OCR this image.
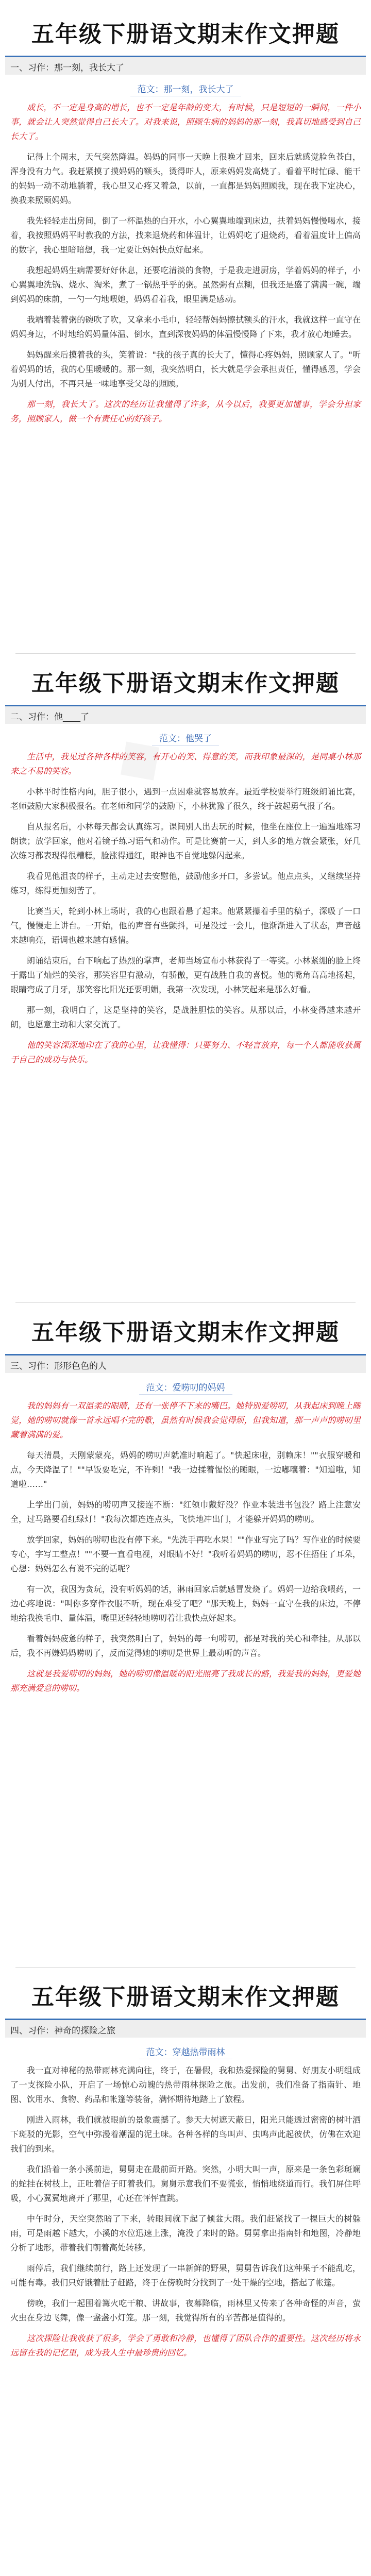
五年级下册语文期末作文押题
一、习作：那一刻，我长大了
范文：那一刻，我长大了

成长，不一定是身高的增长，也不一定是年龄的变大，有时候，只是短短的一瞬间，一件小事，就会让人突然觉得自己长大了。对我来说，照顾生病的妈妈的那一刻，我真切地感受到自己长大了。

记得上个周末，天气突然降温。妈妈的同事一天晚上很晚才回来，回来后就感觉脸色苍白，浑身没有力气。我赶紧摸了摸妈妈的额头，烫得吓人，原来妈妈发高烧了。看着平时忙碌、能干的妈妈一动不动地躺着，我心里又心疼又着急，以前，一直都是妈妈照顾我，现在我下定决心，换我来照顾妈妈。

我先轻轻走出房间，倒了一杯温热的白开水，小心翼翼地端到床边，扶着妈妈慢慢喝水，接着，我按照妈妈平时教我的方法，找来退烧药和体温计，让妈妈吃了退烧药，看着温度计上偏高的数字，我心里暗暗想，我一定要让妈妈快点好起来。

我想起妈妈生病需要好好休息，还要吃清淡的食物，于是我走进厨房，学着妈妈的样子，小心翼翼地洗锅、烧水、淘米，煮了一锅热乎乎的粥。虽然粥有点糊，但我还是盛了满满一碗，端到妈妈的床前，一勺一勺地喂她，妈妈看着我，眼里满是感动。

我端着装着粥的碗吹了吹，又拿来小毛巾，轻轻帮妈妈擦拭额头的汗水，我就这样一直守在妈妈身边，不时地给妈妈量体温、倒水，直到深夜妈妈的体温慢慢降了下来，我才放心地睡去。

妈妈醒来后摸着我的头，笑着说："我的孩子真的长大了，懂得心疼妈妈，照顾家人了。"听着妈妈的话，我的心里暖暖的。那一刻，我突然明白，长大就是学会承担责任，懂得感恩，学会为别人付出，不再只是一味地享受父母的照顾。

那一刻，我长大了。这次的经历让我懂得了许多，从今以后，我要更加懂事，学会分担家务，照顾家人，做一个有责任心的好孩子。

五年级下册语文期末作文押题
二、习作：他____了
范文：他哭了

生活中，我见过各种各样的笑容，有开心的笑、得意的笑，而我印象最深的，是同桌小林那来之不易的笑容。

小林平时性格内向，胆子很小，遇到一点困难就容易放弃。最近学校要举行班级朗诵比赛，老师鼓励大家积极报名。在老师和同学的鼓励下，小林犹豫了很久，终于鼓起勇气报了名。

自从报名后，小林每天都会认真练习。课间别人出去玩的时候，他坐在座位上一遍遍地练习朗读；放学回家，他对着镜子练习语气和动作。可是比赛前一天，到人多的地方就会紧张，好几次练习都表现得很糟糕，脸涨得通红，眼神也不自觉地躲闪起来。

我看见他沮丧的样子，主动走过去安慰他，鼓励他多开口，多尝试。他点点头，又继续坚持练习，练得更加刻苦了。

比赛当天，轮到小林上场时，我的心也跟着悬了起来。他紧紧攥着手里的稿子，深吸了一口气，慢慢走上讲台。一开始，他的声音有些颤抖，可是没过一会儿，他渐渐进入了状态，声音越来越响亮，语调也越来越有感情。

朗诵结束后，台下响起了热烈的掌声，老师当场宣布小林获得了一等奖。小林紧绷的脸上终于露出了灿烂的笑容，那笑容里有激动，有骄傲，更有战胜自我的喜悦。他的嘴角高高地扬起，眼睛弯成了月牙，那笑容比阳光还要明媚，我第一次发现，小林笑起来是那么好看。

那一刻，我明白了，这是坚持的笑容，是战胜胆怯的笑容。从那以后，小林变得越来越开朗，也愿意主动和大家交流了。

他的笑容深深地印在了我的心里，让我懂得：只要努力、不轻言放弃，每一个人都能收获属于自己的成功与快乐。

五年级下册语文期末作文押题
三、习作：形形色色的人
范文：爱唠叨的妈妈

我的妈妈有一双温柔的眼睛，还有一张停不下来的嘴巴。她特别爱唠叨，从我起床到晚上睡觉，她的唠叨就像一首永远唱不完的歌，虽然有时候我会觉得烦，但我知道，那一声声的唠叨里藏着满满的爱。

每天清晨，天刚蒙蒙亮，妈妈的唠叨声就准时响起了。"快起床啦，别赖床！""衣服穿暖和点，今天降温了！""早饭要吃完，不许剩！"我一边揉着惺忪的睡眼，一边嘟囔着："知道啦，知道啦……"

上学出门前，妈妈的唠叨声又接连不断："红领巾戴好没？作业本装进书包没？路上注意安全，过马路要看红绿灯！"我每次都连连点头，飞快地冲出门，才能躲开妈妈的唠叨。

放学回家，妈妈的唠叨也没有停下来。"先洗手再吃水果！""作业写完了吗？写作业的时候要专心，字写工整点！""不要一直看电视，对眼睛不好！"我听着妈妈的唠叨，忍不住捂住了耳朵，心想：妈妈怎么有说不完的话呢？

有一次，我因为贪玩，没有听妈妈的话，淋雨回家后就感冒发烧了。妈妈一边给我喂药，一边心疼地说："叫你多穿件衣服不听，现在难受了吧？"那天晚上，妈妈一直守在我的床边，不停地给我换毛巾、量体温，嘴里还轻轻地唠叨着让我快点好起来。

看着妈妈疲惫的样子，我突然明白了，妈妈的每一句唠叨，都是对我的关心和牵挂。从那以后，我不再嫌妈妈唠叨了，反而觉得她的唠叨是世界上最动听的声音。

这就是我爱唠叨的妈妈，她的唠叨像温暖的阳光照亮了我成长的路，我爱我的妈妈，更爱她那充满爱意的唠叨。

五年级下册语文期末作文押题
四、习作：神奇的探险之旅
范文：穿越热带雨林

我一直对神秘的热带雨林充满向往，终于，在暑假，我和热爱探险的舅舅、好朋友小明组成了一支探险小队，开启了一场惊心动魄的热带雨林探险之旅。出发前，我们准备了指南针、地图、饮用水、食物、药品和帐篷等装备，满怀期待地踏上了旅程。

刚进入雨林，我们就被眼前的景象震撼了。参天大树遮天蔽日，阳光只能透过密密的树叶洒下斑驳的光影，空气中弥漫着潮湿的泥土味。各种各样的鸟叫声、虫鸣声此起彼伏，仿佛在欢迎我们的到来。

我们沿着一条小溪前进，舅舅走在最前面开路。突然，小明大叫一声，原来是一条色彩斑斓的蛇挂在树枝上，正吐着信子盯着我们。舅舅示意我们不要慌张，悄悄地绕道而行。我们屏住呼吸，小心翼翼地离开了那里，心还在怦怦直跳。

中午时分，天空突然暗了下来，转眼间就下起了倾盆大雨。我们赶紧找了一棵巨大的树躲雨，可是雨越下越大，小溪的水位迅速上涨，淹没了来时的路。舅舅拿出指南针和地图，冷静地分析了地形，带着我们朝着高处转移。

雨停后，我们继续前行，路上还发现了一串新鲜的野果，舅舅告诉我们这种果子不能乱吃，可能有毒。我们只好饿着肚子赶路，终于在傍晚时分找到了一处干燥的空地，搭起了帐篷。

傍晚，我们一起围着篝火吃干粮、讲故事，夜幕降临，雨林里又传来了各种奇怪的声音，萤火虫在身边飞舞，像一盏盏小灯笼。那一刻，我觉得所有的辛苦都是值得的。

这次探险让我收获了很多，学会了勇敢和冷静，也懂得了团队合作的重要性。这次经历将永远留在我的记忆里，成为我人生中最珍贵的回忆。
